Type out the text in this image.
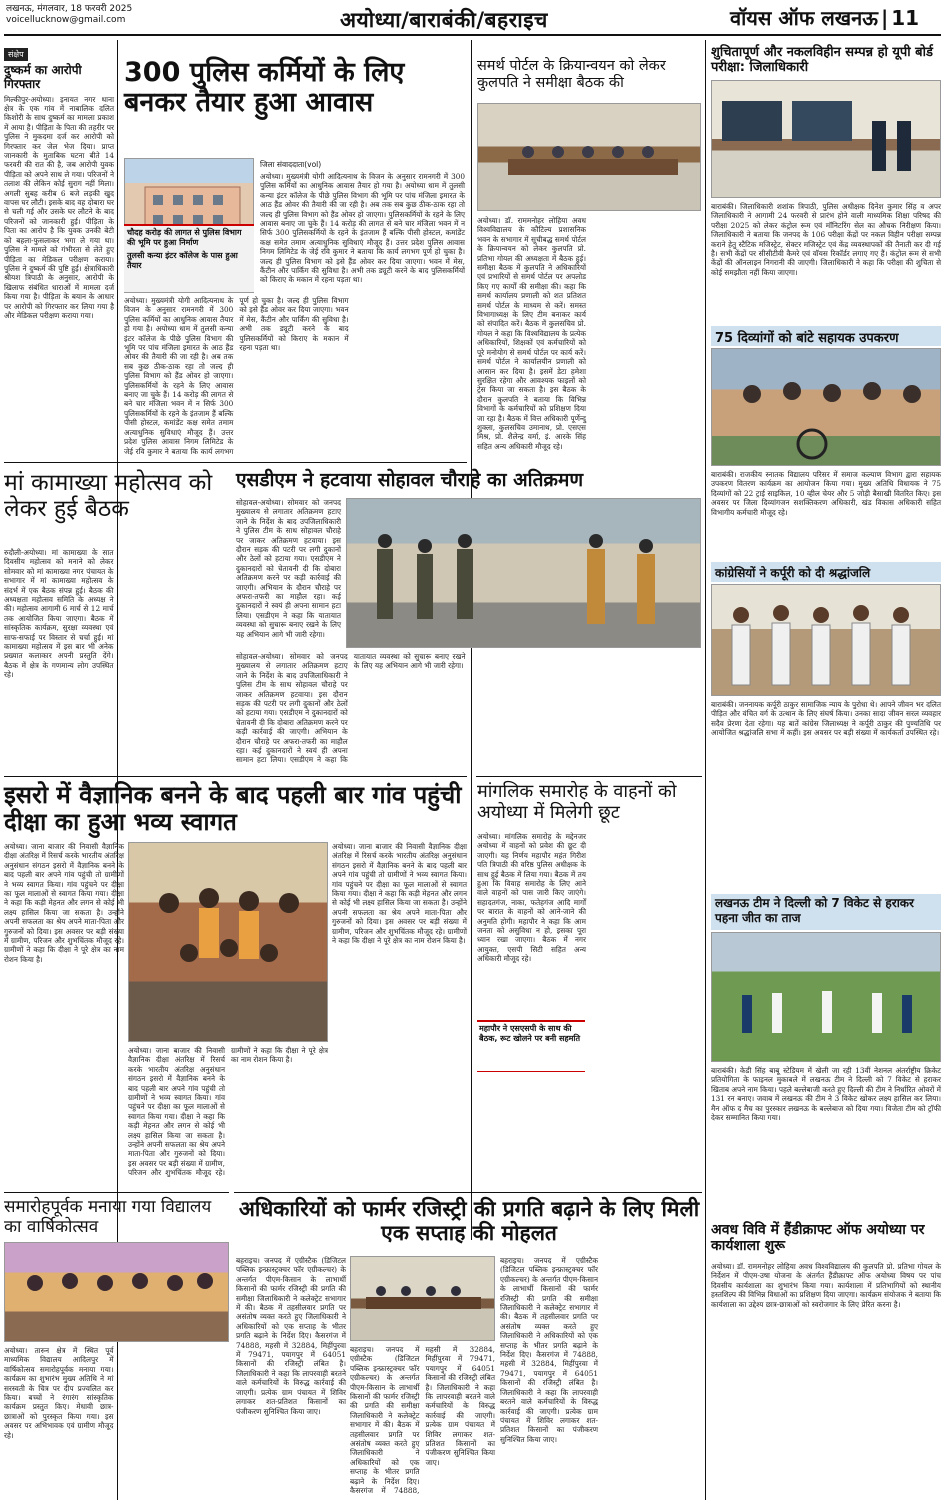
लखनऊ, मंगलवार, 18 फरवरी 2025
voicellucknow@gmail.com	अयोध्या/बाराबंकी/बहराइच	वॉयस ऑफ लखनऊ | 11
संक्षेप
दुष्कर्म का आरोपी गिरफ्तार
मिल्कीपुर-अयोध्या। इनायत नगर थाना क्षेत्र के एक गांव में नाबालिक दलित किशोरी के साथ दुष्कर्म का मामला प्रकाश में आया है। पीड़िता के पिता की तहरीर पर पुलिस ने मुकदमा दर्ज कर आरोपी को गिरफ्तार कर जेल भेज दिया। प्राप्त जानकारी के मुताबिक घटना बीते 14 फरवरी की रात की है, जब आरोपी युवक पीड़िता को अपने साथ ले गया। परिजनों ने तलाश की लेकिन कोई सुराग नहीं मिला। अगली सुबह करीब 6 बजे लड़की खुद वापस घर लौटी। इसके बाद वह दोबारा घर से चली गई और उसके घर लौटने के बाद परिजनों को जानकारी हुई। पीड़िता के पिता का आरोप है कि युवक उनकी बेटी को बहला-फुसलाकर भगा ले गया था। पुलिस ने मामले को गंभीरता से लेते हुए पीड़िता का मेडिकल परीक्षण कराया। पुलिस ने दुष्कर्म की पुष्टि हुई। क्षेत्राधिकारी श्रीयश त्रिपाठी के अनुसार, आरोपी के खिलाफ संबंधित धाराओं में मामला दर्ज किया गया है। पीड़िता के बयान के आधार पर आरोपी को गिरफ्तार कर लिया गया है और मेडिकल परीक्षण कराया गया।
300 पुलिस कर्मियों के लिए बनकर तैयार हुआ आवास
जिला संवाददाता(vol)
अयोध्या। मुख्यमंत्री योगी आदित्यनाथ के विजन के अनुसार रामनगरी में 300 पुलिस कर्मियों का आधुनिक आवास तैयार हो गया है। अयोध्या धाम में तुलसी कन्या इंटर कॉलेज के पीछे पुलिस विभाग की भूमि पर पांच मंजिला इमारत के आठ हैंड ओवर की तैयारी की जा रही है। अब तक सब कुछ ठीक-ठाक रहा तो जल्द ही पुलिस विभाग को हैंड ओवर हो जाएगा। पुलिसकर्मियों के रहने के लिए आवास बनाए जा चुके हैं। 14 करोड़ की लागत से बने चार मंजिला भवन में न सिर्फ 300 पुलिसकर्मियों के रहने के इंतजाम हैं बल्कि पीसी होस्टल, कमांडेंट कक्ष समेत तमाम अत्याधुनिक सुविधाएं मौजूद हैं। उत्तर प्रदेश पुलिस आवास निगम लिमिटेड के जेई रवि कुमार ने बताया कि कार्य लगभग पूर्ण हो चुका है। जल्द ही पुलिस विभाग को इसे हैंड ओवर कर दिया जाएगा। भवन में मेस, कैंटीन और पार्किंग की सुविधा है। अभी तक ड्यूटी करने के बाद पुलिसकर्मियों को किराए के मकान में रहना पड़ता था।
चौदह करोड़ की लागत से पुलिस विभाग की भूमि पर हुआ निर्माण
तुलसी कन्या इंटर कॉलेज के पास हुआ तैयार
अयोध्या। मुख्यमंत्री योगी आदित्यनाथ के विजन के अनुसार रामनगरी में 300 पुलिस कर्मियों का आधुनिक आवास तैयार हो गया है। अयोध्या धाम में तुलसी कन्या इंटर कॉलेज के पीछे पुलिस विभाग की भूमि पर पांच मंजिला इमारत के आठ हैंड ओवर की तैयारी की जा रही है। अब तक सब कुछ ठीक-ठाक रहा तो जल्द ही पुलिस विभाग को हैंड ओवर हो जाएगा। पुलिसकर्मियों के रहने के लिए आवास बनाए जा चुके हैं। 14 करोड़ की लागत से बने चार मंजिला भवन में न सिर्फ 300 पुलिसकर्मियों के रहने के इंतजाम हैं बल्कि पीसी होस्टल, कमांडेंट कक्ष समेत तमाम अत्याधुनिक सुविधाएं मौजूद हैं। उत्तर प्रदेश पुलिस आवास निगम लिमिटेड के जेई रवि कुमार ने बताया कि कार्य लगभग पूर्ण हो चुका है। जल्द ही पुलिस विभाग को इसे हैंड ओवर कर दिया जाएगा। भवन में मेस, कैंटीन और पार्किंग की सुविधा है। अभी तक ड्यूटी करने के बाद पुलिसकर्मियों को किराए के मकान में रहना पड़ता था।
समर्थ पोर्टल के क्रियान्वयन को लेकर कुलपति ने समीक्षा बैठक की
अयोध्या। डॉ. राममनोहर लोहिया अवध विश्वविद्यालय के कौटिल्य प्रशासनिक भवन के सभागार में सूचीबद्ध समर्थ पोर्टल के क्रियान्वयन को लेकर कुलपति प्रो. प्रतिभा गोयल की अध्यक्षता में बैठक हुई। समीक्षा बैठक में कुलपति ने अधिकारियों एवं प्रभारियों से समर्थ पोर्टल पर अपलोड किए गए कार्यों की समीक्षा की। कहा कि समर्थ कार्यालय प्रणाली को शत प्रतिशत समर्थ पोर्टल के माध्यम से करें। समस्त विभागाध्यक्ष के लिए टीम बनाकर कार्य को संपादित करें। बैठक में कुलसचिव प्रो. गोयल ने कहा कि विश्वविद्यालय के प्रत्येक अधिकारियों, शिक्षकों एवं कर्मचारियों को पूरे मनोयोग से समर्थ पोर्टल पर कार्य करें। समर्थ पोर्टल ने कार्यालयीन प्रणाली को आसान कर दिया है। इसमें डेटा हमेशा सुरक्षित रहेगा और आवश्यक फाइलों को ट्रेस किया जा सकता है। इस बैठक के दौरान कुलपति ने बताया कि विभिन्न विभागों के कर्मचारियों को प्रशिक्षण दिया जा रहा है। बैठक में वित्त अधिकारी पूर्णेन्दु शुक्ला, कुलसचिव उमानाथ, प्रो. एसएस मिश्र, प्रो. शैलेन्द्र वर्मा, इं. आरके सिंह सहित अन्य अधिकारी मौजूद रहे।
शुचितापूर्ण और नकलविहीन सम्पन्न हो यूपी बोर्ड परीक्षा: जिलाधिकारी
बाराबंकी। जिलाधिकारी शशांक त्रिपाठी, पुलिस अधीक्षक दिनेश कुमार सिंह व अपर जिलाधिकारी ने आगामी 24 फरवरी से प्रारंभ होने वाली माध्यमिक शिक्षा परिषद की परीक्षा 2025 को लेकर कंट्रोल रूम एवं मॉनिटरिंग सेल का औचक निरीक्षण किया। जिलाधिकारी ने बताया कि जनपद के 106 परीक्षा केंद्रों पर नकल विहीन परीक्षा सम्पन्न कराने हेतु स्टैटिक मजिस्ट्रेट, सेक्टर मजिस्ट्रेट एवं केंद्र व्यवस्थापकों की तैनाती कर दी गई है। सभी केंद्रों पर सीसीटीवी कैमरे एवं वॉयस रिकॉर्डर लगाए गए हैं। कंट्रोल रूम से सभी केंद्रों की ऑनलाइन निगरानी की जाएगी। जिलाधिकारी ने कहा कि परीक्षा की शुचिता से कोई समझौता नहीं किया जाएगा।
75 दिव्यांगों को बांटे सहायक उपकरण
बाराबंकी। राजकीय स्नातक विद्यालय परिसर में समाज कल्याण विभाग द्वारा सहायक उपकरण वितरण कार्यक्रम का आयोजन किया गया। मुख्य अतिथि विधायक ने 75 दिव्यांगों को 22 ट्राई साइकिल, 10 व्हील चेयर और 5 जोड़ी बैसाखी वितरित किए। इस अवसर पर जिला दिव्यांगजन सशक्तिकरण अधिकारी, खंड विकास अधिकारी सहित विभागीय कर्मचारी मौजूद रहे।
कांग्रेसियों ने कर्पूरी को दी श्रद्धांजलि
बाराबंकी। जननायक कर्पूरी ठाकुर सामाजिक न्याय के पुरोधा थे। आपने जीवन भर दलित पीड़ित और वंचित वर्ग के उत्थान के लिए संघर्ष किया। उनका सादा जीवन सरल व्यवहार सदैव प्रेरणा देता रहेगा। यह बातें कांग्रेस जिलाध्यक्ष ने कर्पूरी ठाकुर की पुण्यतिथि पर आयोजित श्रद्धांजलि सभा में कहीं। इस अवसर पर बड़ी संख्या में कार्यकर्ता उपस्थित रहे।
मां कामाख्या महोत्सव को लेकर हुई बैठक
रुदौली-अयोध्या। मां कामाख्या के सात दिवसीय महोत्सव को मनाने को लेकर सोमवार को मां कामाख्या नगर पंचायत के सभागार में मां कामाख्या महोत्सव के संदर्भ में एक बैठक संपन्न हुई। बैठक की अध्यक्षता महोत्सव समिति के अध्यक्ष ने की। महोत्सव आगामी 6 मार्च से 12 मार्च तक आयोजित किया जाएगा। बैठक में सांस्कृतिक कार्यक्रम, सुरक्षा व्यवस्था एवं साफ-सफाई पर विस्तार से चर्चा हुई। मां कामाख्या महोत्सव में इस बार भी अनेक प्रख्यात कलाकार अपनी प्रस्तुति देंगे। बैठक में क्षेत्र के गणमान्य लोग उपस्थित रहे।
एसडीएम ने हटवाया सोहावल चौराहे का अतिक्रमण
सोहावल-अयोध्या। सोमवार को जनपद मुख्यालय से लगातार अतिक्रमण हटाए जाने के निर्देश के बाद उपजिलाधिकारी ने पुलिस टीम के साथ सोहावल चौराहे पर जाकर अतिक्रमण हटवाया। इस दौरान सड़क की पटरी पर लगी दुकानों और ठेलों को हटाया गया। एसडीएम ने दुकानदारों को चेतावनी दी कि दोबारा अतिक्रमण करने पर कड़ी कार्रवाई की जाएगी। अभियान के दौरान चौराहे पर अफरा-तफरी का माहौल रहा। कई दुकानदारों ने स्वयं ही अपना सामान हटा लिया। एसडीएम ने कहा कि यातायात व्यवस्था को सुचारू बनाए रखने के लिए यह अभियान आगे भी जारी रहेगा।
सोहावल-अयोध्या। सोमवार को जनपद मुख्यालय से लगातार अतिक्रमण हटाए जाने के निर्देश के बाद उपजिलाधिकारी ने पुलिस टीम के साथ सोहावल चौराहे पर जाकर अतिक्रमण हटवाया। इस दौरान सड़क की पटरी पर लगी दुकानों और ठेलों को हटाया गया। एसडीएम ने दुकानदारों को चेतावनी दी कि दोबारा अतिक्रमण करने पर कड़ी कार्रवाई की जाएगी। अभियान के दौरान चौराहे पर अफरा-तफरी का माहौल रहा। कई दुकानदारों ने स्वयं ही अपना सामान हटा लिया। एसडीएम ने कहा कि यातायात व्यवस्था को सुचारू बनाए रखने के लिए यह अभियान आगे भी जारी रहेगा।
इसरो में वैज्ञानिक बनने के बाद पहली बार गांव पहुंची दीक्षा का हुआ भव्य स्वागत
अयोध्या। जाना बाजार की निवासी वैज्ञानिक दीक्षा अंतरिक्ष में रिसर्च करके भारतीय अंतरिक्ष अनुसंधान संगठन इसरो में वैज्ञानिक बनने के बाद पहली बार अपने गांव पहुंची तो ग्रामीणों ने भव्य स्वागत किया। गांव पहुंचने पर दीक्षा का फूल मालाओं से स्वागत किया गया। दीक्षा ने कहा कि कड़ी मेहनत और लगन से कोई भी लक्ष्य हासिल किया जा सकता है। उन्होंने अपनी सफलता का श्रेय अपने माता-पिता और गुरुजनों को दिया। इस अवसर पर बड़ी संख्या में ग्रामीण, परिजन और शुभचिंतक मौजूद रहे। ग्रामीणों ने कहा कि दीक्षा ने पूरे क्षेत्र का नाम रोशन किया है।
अयोध्या। जाना बाजार की निवासी वैज्ञानिक दीक्षा अंतरिक्ष में रिसर्च करके भारतीय अंतरिक्ष अनुसंधान संगठन इसरो में वैज्ञानिक बनने के बाद पहली बार अपने गांव पहुंची तो ग्रामीणों ने भव्य स्वागत किया। गांव पहुंचने पर दीक्षा का फूल मालाओं से स्वागत किया गया। दीक्षा ने कहा कि कड़ी मेहनत और लगन से कोई भी लक्ष्य हासिल किया जा सकता है। उन्होंने अपनी सफलता का श्रेय अपने माता-पिता और गुरुजनों को दिया। इस अवसर पर बड़ी संख्या में ग्रामीण, परिजन और शुभचिंतक मौजूद रहे। ग्रामीणों ने कहा कि दीक्षा ने पूरे क्षेत्र का नाम रोशन किया है।
अयोध्या। जाना बाजार की निवासी वैज्ञानिक दीक्षा अंतरिक्ष में रिसर्च करके भारतीय अंतरिक्ष अनुसंधान संगठन इसरो में वैज्ञानिक बनने के बाद पहली बार अपने गांव पहुंची तो ग्रामीणों ने भव्य स्वागत किया। गांव पहुंचने पर दीक्षा का फूल मालाओं से स्वागत किया गया। दीक्षा ने कहा कि कड़ी मेहनत और लगन से कोई भी लक्ष्य हासिल किया जा सकता है। उन्होंने अपनी सफलता का श्रेय अपने माता-पिता और गुरुजनों को दिया। इस अवसर पर बड़ी संख्या में ग्रामीण, परिजन और शुभचिंतक मौजूद रहे। ग्रामीणों ने कहा कि दीक्षा ने पूरे क्षेत्र का नाम रोशन किया है।
मांगलिक समारोह के वाहनों को अयोध्या में मिलेगी छूट
अयोध्या। मांगलिक समारोह के मद्देनजर अयोध्या में वाहनों को प्रवेश की छूट दी जाएगी। यह निर्णय महापौर महंत गिरीश पति त्रिपाठी की वरिष्ठ पुलिस अधीक्षक के साथ हुई बैठक में लिया गया। बैठक में तय हुआ कि विवाह समारोह के लिए आने वाले वाहनों को पास जारी किए जाएंगे। सहादतगंज, नाका, फतेहगंज आदि मार्गों पर बारात के वाहनों को आने-जाने की अनुमति होगी। महापौर ने कहा कि आम जनता को असुविधा न हो, इसका पूरा ध्यान रखा जाएगा। बैठक में नगर आयुक्त, एसपी सिटी सहित अन्य अधिकारी मौजूद रहे।
महापौर ने एसएसपी के साथ की बैठक, रूट खोलने पर बनी सहमति
लखनऊ टीम ने दिल्ली को 7 विकेट से हराकर पहना जीत का ताज
बाराबंकी। केडी सिंह बाबू स्टेडियम में खेली जा रही 13वीं नेशनल अंतर्राष्ट्रीय क्रिकेट प्रतियोगिता के फाइनल मुकाबले में लखनऊ टीम ने दिल्ली को 7 विकेट से हराकर खिताब अपने नाम किया। पहले बल्लेबाजी करते हुए दिल्ली की टीम ने निर्धारित ओवरों में 131 रन बनाए। जवाब में लखनऊ की टीम ने 3 विकेट खोकर लक्ष्य हासिल कर लिया। मैन ऑफ द मैच का पुरस्कार लखनऊ के बल्लेबाज को दिया गया। विजेता टीम को ट्रॉफी देकर सम्मानित किया गया।
अवध विवि में हैंडीक्राफ्ट ऑफ अयोध्या पर कार्यशाला शुरू
अयोध्या। डॉ. राममनोहर लोहिया अवध विश्वविद्यालय की कुलपति प्रो. प्रतिभा गोयल के निर्देशन में पीएम-उषा योजना के अंतर्गत हैंडीक्राफ्ट ऑफ अयोध्या विषय पर पांच दिवसीय कार्यशाला का शुभारंभ किया गया। कार्यशाला में प्रतिभागियों को स्थानीय हस्तशिल्प की विभिन्न विधाओं का प्रशिक्षण दिया जाएगा। कार्यक्रम संयोजक ने बताया कि कार्यशाला का उद्देश्य छात्र-छात्राओं को स्वरोजगार के लिए प्रेरित करना है।
समारोहपूर्वक मनाया गया विद्यालय का वार्षिकोत्सव
अयोध्या। तारुन क्षेत्र में स्थित पूर्व माध्यमिक विद्यालय आदिलपुर में वार्षिकोत्सव समारोहपूर्वक मनाया गया। कार्यक्रम का शुभारंभ मुख्य अतिथि ने मां सरस्वती के चित्र पर दीप प्रज्वलित कर किया। बच्चों ने रंगारंग सांस्कृतिक कार्यक्रम प्रस्तुत किए। मेधावी छात्र-छात्राओं को पुरस्कृत किया गया। इस अवसर पर अभिभावक एवं ग्रामीण मौजूद रहे।
अधिकारियों को फार्मर रजिस्ट्री की प्रगति बढ़ाने के लिए मिली एक सप्ताह की मोहलत
बहराइच। जनपद में एग्रीस्टैक (डिजिटल पब्लिक इन्फ्रास्ट्रक्चर फॉर एग्रीकल्चर) के अन्तर्गत पीएम-किसान के लाभार्थी किसानों की फार्मर रजिस्ट्री की प्रगति की समीक्षा जिलाधिकारी ने कलेक्ट्रेट सभागार में की। बैठक में तहसीलवार प्रगति पर असंतोष व्यक्त करते हुए जिलाधिकारी ने अधिकारियों को एक सप्ताह के भीतर प्रगति बढ़ाने के निर्देश दिए। कैसरगंज में 74888, महसी में 32884, मिहींपुरवा में 79471, पयागपुर में 64051 किसानों की रजिस्ट्री लंबित है। जिलाधिकारी ने कहा कि लापरवाही बरतने वाले कर्मचारियों के विरुद्ध कार्रवाई की जाएगी। प्रत्येक ग्राम पंचायत में शिविर लगाकर शत-प्रतिशत किसानों का पंजीकरण सुनिश्चित किया जाए।
बहराइच। जनपद में एग्रीस्टैक (डिजिटल पब्लिक इन्फ्रास्ट्रक्चर फॉर एग्रीकल्चर) के अन्तर्गत पीएम-किसान के लाभार्थी किसानों की फार्मर रजिस्ट्री की प्रगति की समीक्षा जिलाधिकारी ने कलेक्ट्रेट सभागार में की। बैठक में तहसीलवार प्रगति पर असंतोष व्यक्त करते हुए जिलाधिकारी ने अधिकारियों को एक सप्ताह के भीतर प्रगति बढ़ाने के निर्देश दिए। कैसरगंज में 74888, महसी में 32884, मिहींपुरवा में 79471, पयागपुर में 64051 किसानों की रजिस्ट्री लंबित है। जिलाधिकारी ने कहा कि लापरवाही बरतने वाले कर्मचारियों के विरुद्ध कार्रवाई की जाएगी। प्रत्येक ग्राम पंचायत में शिविर लगाकर शत-प्रतिशत किसानों का पंजीकरण सुनिश्चित किया जाए।
बहराइच। जनपद में एग्रीस्टैक (डिजिटल पब्लिक इन्फ्रास्ट्रक्चर फॉर एग्रीकल्चर) के अन्तर्गत पीएम-किसान के लाभार्थी किसानों की फार्मर रजिस्ट्री की प्रगति की समीक्षा जिलाधिकारी ने कलेक्ट्रेट सभागार में की। बैठक में तहसीलवार प्रगति पर असंतोष व्यक्त करते हुए जिलाधिकारी ने अधिकारियों को एक सप्ताह के भीतर प्रगति बढ़ाने के निर्देश दिए। कैसरगंज में 74888, महसी में 32884, मिहींपुरवा में 79471, पयागपुर में 64051 किसानों की रजिस्ट्री लंबित है। जिलाधिकारी ने कहा कि लापरवाही बरतने वाले कर्मचारियों के विरुद्ध कार्रवाई की जाएगी। प्रत्येक ग्राम पंचायत में शिविर लगाकर शत-प्रतिशत किसानों का पंजीकरण सुनिश्चित किया जाए।
